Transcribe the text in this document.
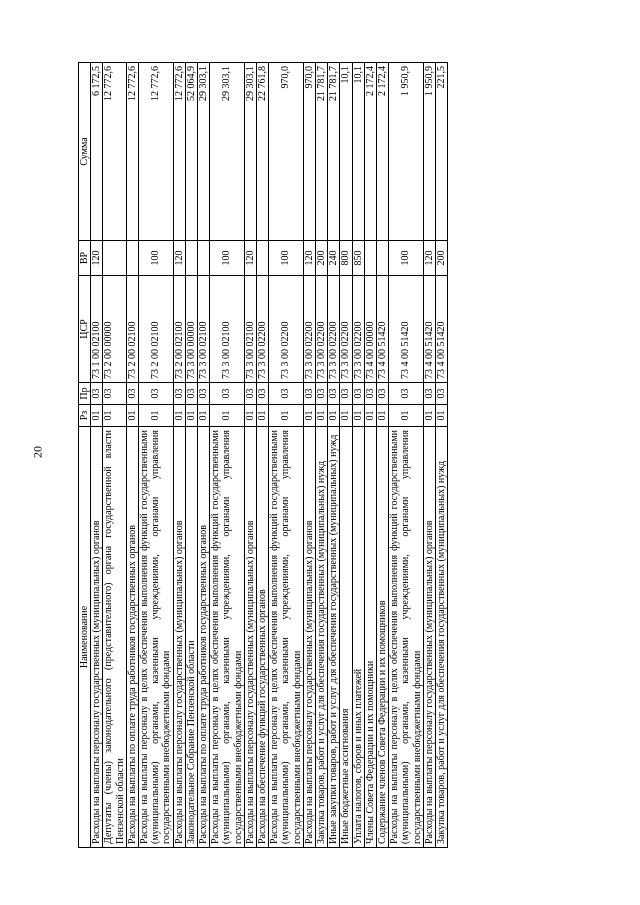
20
Наименование	Рз	Пр	ЦСР	ВР	Сумма
Расходы на выплаты персоналу государственных (муниципальных) органов	01	03	73 1 00 02100	120	6 172,5
Депутаты (члены) законодательного (представительного) органа государственной власти Пензенской области	01	03	73 2 00 00000		12 772,6
Расходы на выплаты по оплате труда работников государственных органов	01	03	73 2 00 02100		12 772,6
Расходы на выплаты персоналу в целях обеспечения выполнения функций государственными (муниципальными) органами, казенными учреждениями, органами управления государственными внебюджетными фондами	01	03	73 2 00 02100	100	12 772,6
Расходы на выплаты персоналу государственных (муниципальных) органов	01	03	73 2 00 02100	120	12 772,6
Законодательное Собрание Пензенской области	01	03	73 3 00 00000		52 064,9
Расходы на выплаты по оплате труда работников государственных органов	01	03	73 3 00 02100		29 303,1
Расходы на выплаты персоналу в целях обеспечения выполнения функций государственными (муниципальными) органами, казенными учреждениями, органами управления государственными внебюджетными фондами	01	03	73 3 00 02100	100	29 303,1
Расходы на выплаты персоналу государственных (муниципальных) органов	01	03	73 3 00 02100	120	29 303,1
Расходы на обеспечение функций государственных органов	01	03	73 3 00 02200		22 761,8
Расходы на выплаты персоналу в целях обеспечения выполнения функций государственными (муниципальными) органами, казенными учреждениями, органами управления государственными внебюджетными фондами	01	03	73 3 00 02200	100	970,0
Расходы на выплаты персоналу государственных (муниципальных) органов	01	03	73 3 00 02200	120	970,0
Закупка товаров, работ и услуг для обеспечения государственных (муниципальных) нужд	01	03	73 3 00 02200	200	21 781,7
Иные закупки товаров, работ и услуг для обеспечения государственных (муниципальных) нужд	01	03	73 3 00 02200	240	21 781,7
Иные бюджетные ассигнования	01	03	73 3 00 02200	800	10,1
Уплата налогов, сборов и иных платежей	01	03	73 3 00 02200	850	10,1
Члены Совета Федерации и их помощники	01	03	73 4 00 00000		2 172,4
Содержание членов Совета Федерации и их помощников	01	03	73 4 00 51420		2 172,4
Расходы на выплаты персоналу в целях обеспечения выполнения функций государственными (муниципальными) органами, казенными учреждениями, органами управления государственными внебюджетными фондами	01	03	73 4 00 51420	100	1 950,9
Расходы на выплаты персоналу государственных (муниципальных) органов	01	03	73 4 00 51420	120	1 950,9
Закупка товаров, работ и услуг для обеспечения государственных (муниципальных) нужд	01	03	73 4 00 51420	200	221,5
